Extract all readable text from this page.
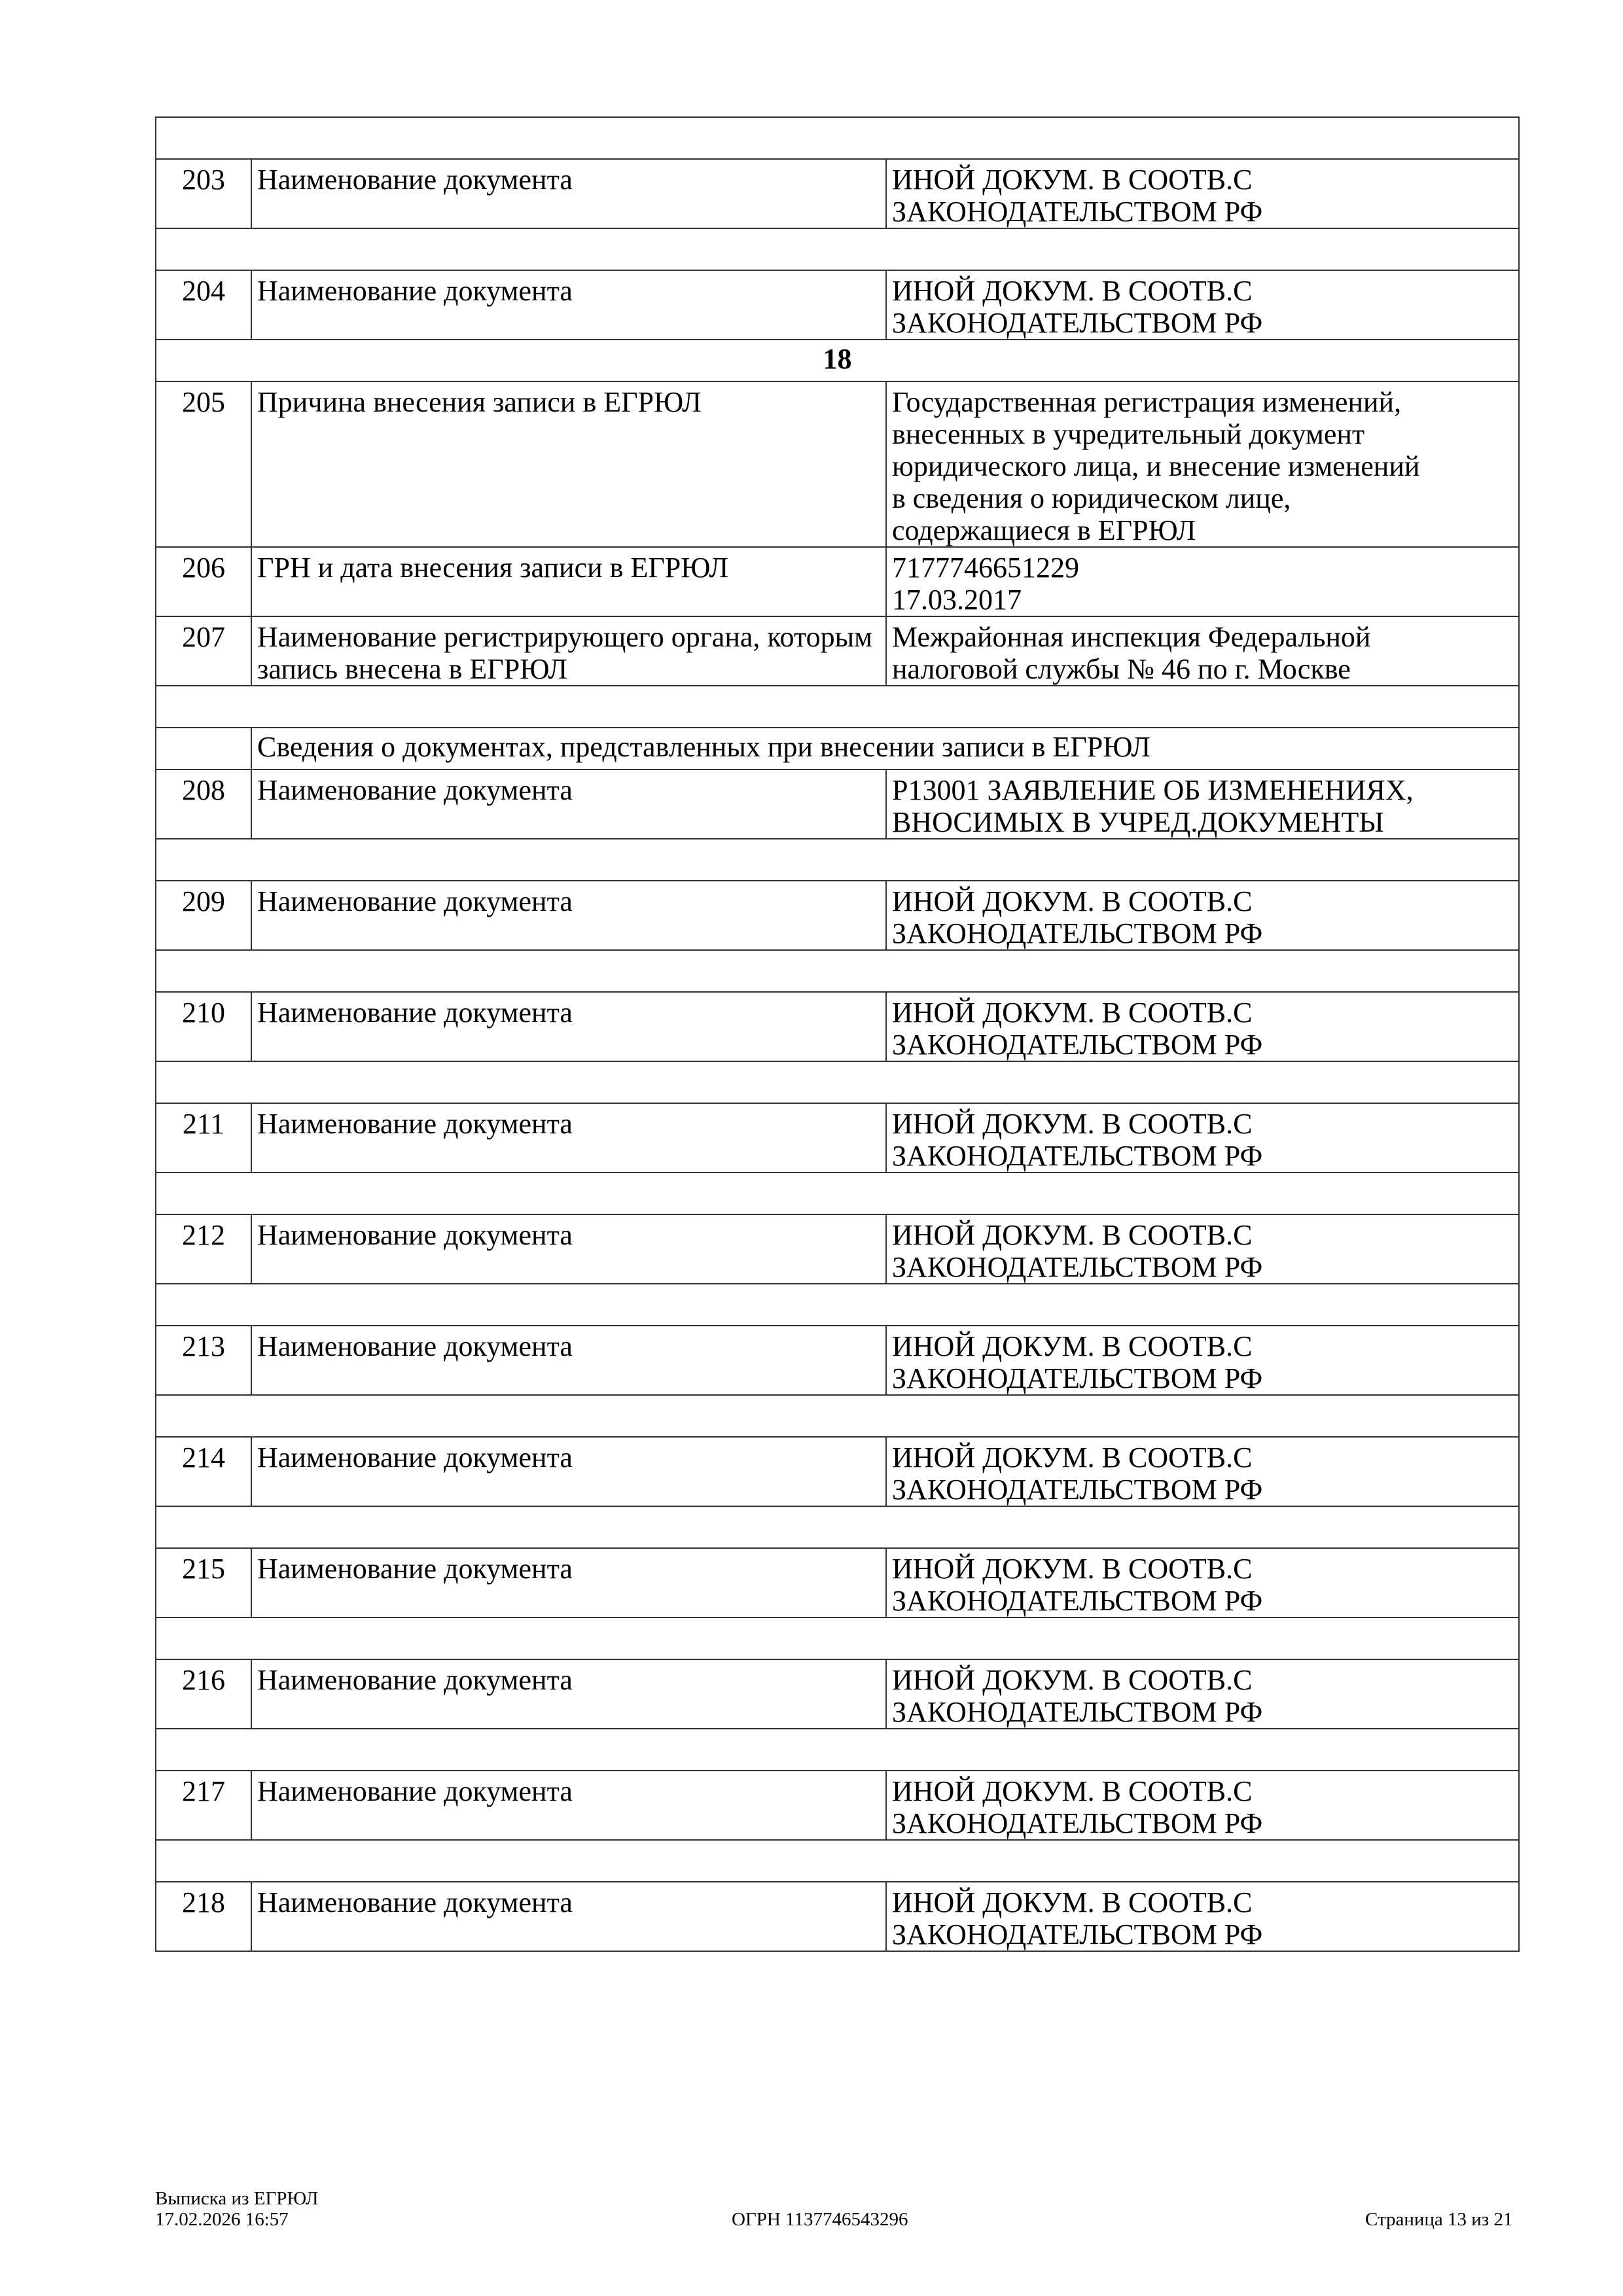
203	Наименование документа	ИНОЙ ДОКУМ. В СООТВ.С
ЗАКОНОДАТЕЛЬСТВОМ РФ

204	Наименование документа	ИНОЙ ДОКУМ. В СООТВ.С
ЗАКОНОДАТЕЛЬСТВОМ РФ

18		
205	Причина внесения записи в ЕГРЮЛ	Государственная регистрация изменений,
внесенных в учредительный документ
юридического лица, и внесение изменений
в сведения о юридическом лице,
содержащиеся в ЕГРЮЛ

206	ГРН и дата внесения записи в ЕГРЮЛ	7177746651229
17.03.2017

207	Наименование регистрирующего органа, которым запись внесена в ЕГРЮЛ	Межрайонная инспекция Федеральной
налоговой службы № 46 по г. Москве

	Сведения о документах, представленных при внесении записи в ЕГРЮЛ	
208	Наименование документа	Р13001 ЗАЯВЛЕНИЕ ОБ ИЗМЕНЕНИЯХ,
ВНОСИМЫХ В УЧРЕД.ДОКУМЕНТЫ

209	Наименование документа	ИНОЙ ДОКУМ. В СООТВ.С
ЗАКОНОДАТЕЛЬСТВОМ РФ

210	Наименование документа	ИНОЙ ДОКУМ. В СООТВ.С
ЗАКОНОДАТЕЛЬСТВОМ РФ

211	Наименование документа	ИНОЙ ДОКУМ. В СООТВ.С
ЗАКОНОДАТЕЛЬСТВОМ РФ

212	Наименование документа	ИНОЙ ДОКУМ. В СООТВ.С
ЗАКОНОДАТЕЛЬСТВОМ РФ

213	Наименование документа	ИНОЙ ДОКУМ. В СООТВ.С
ЗАКОНОДАТЕЛЬСТВОМ РФ

214	Наименование документа	ИНОЙ ДОКУМ. В СООТВ.С
ЗАКОНОДАТЕЛЬСТВОМ РФ

215	Наименование документа	ИНОЙ ДОКУМ. В СООТВ.С
ЗАКОНОДАТЕЛЬСТВОМ РФ

216	Наименование документа	ИНОЙ ДОКУМ. В СООТВ.С
ЗАКОНОДАТЕЛЬСТВОМ РФ

217	Наименование документа	ИНОЙ ДОКУМ. В СООТВ.С
ЗАКОНОДАТЕЛЬСТВОМ РФ

218	Наименование документа	ИНОЙ ДОКУМ. В СООТВ.С
ЗАКОНОДАТЕЛЬСТВОМ РФ
Выписка из ЕГРЮЛ
17.02.2026 16:57	ОГРН 1137746543296	Страница 13 из 21
